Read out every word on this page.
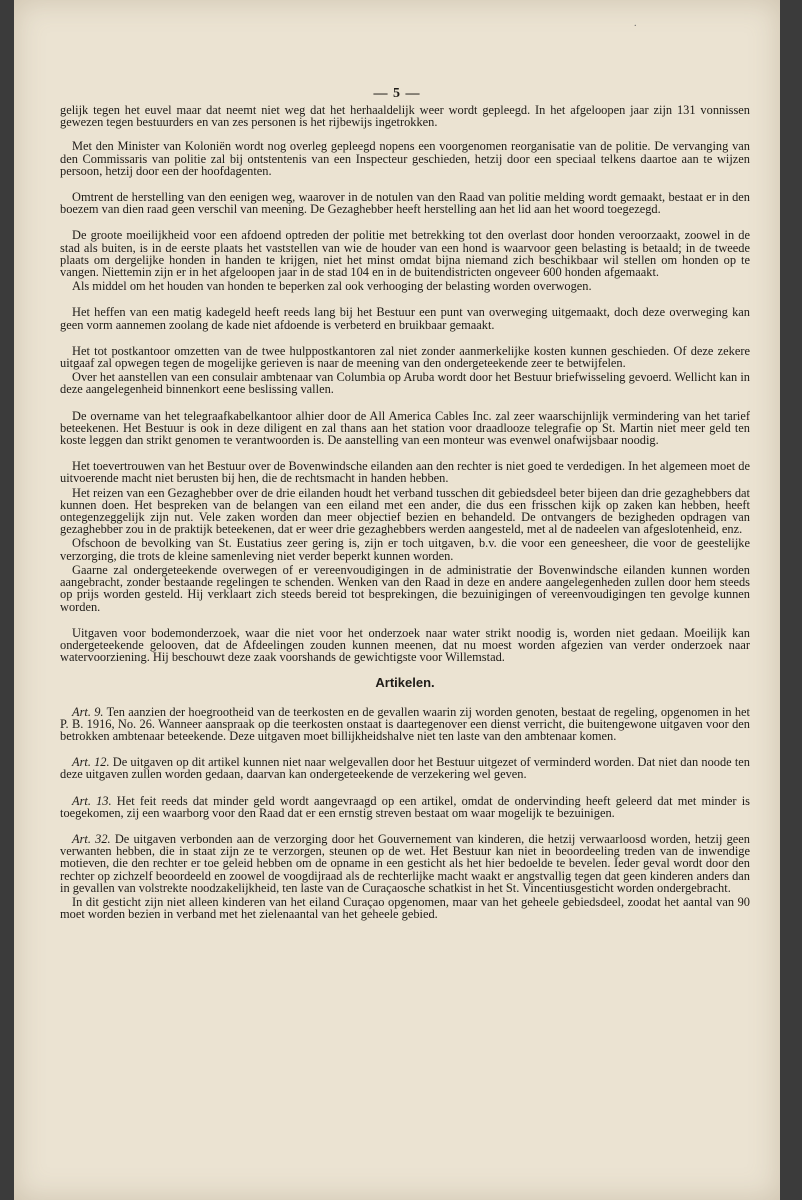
.
— 5 —

gelijk tegen het euvel maar dat neemt niet weg dat het herhaaldelijk weer wordt gepleegd. In het afgeloopen jaar zijn 131 vonnissen gewezen tegen bestuurders en van zes personen is het rijbewijs ingetrokken.

Met den Minister van Koloniën wordt nog overleg gepleegd nopens een voorgenomen reorganisatie van de politie. De vervanging van den Commissaris van politie zal bij ontstentenis van een Inspecteur geschieden, hetzij door een speciaal telkens daartoe aan te wijzen persoon, hetzij door een der hoofdagenten.

Omtrent de herstelling van den eenigen weg, waarover in de notulen van den Raad van politie melding wordt gemaakt, bestaat er in den boezem van dien raad geen verschil van meening. De Gezaghebber heeft herstelling aan het lid aan het woord toegezegd.

De groote moeilijkheid voor een afdoend optreden der politie met betrekking tot den overlast door honden veroorzaakt, zoowel in de stad als buiten, is in de eerste plaats het vaststellen van wie de houder van een hond is waarvoor geen belasting is betaald; in de tweede plaats om dergelijke honden in handen te krijgen, niet het minst omdat bijna niemand zich beschikbaar wil stellen om honden op te vangen. Niettemin zijn er in het afgeloopen jaar in de stad 104 en in de buitendistricten ongeveer 600 honden afgemaakt.

Als middel om het houden van honden te beperken zal ook verhooging der belasting worden overwogen.

Het heffen van een matig kadegeld heeft reeds lang bij het Bestuur een punt van overweging uitgemaakt, doch deze overweging kan geen vorm aannemen zoolang de kade niet afdoende is verbeterd en bruikbaar gemaakt.

Het tot postkantoor omzetten van de twee hulppostkantoren zal niet zonder aanmerkelijke kosten kunnen geschieden. Of deze zekere uitgaaf zal opwegen tegen de mogelijke gerieven is naar de meening van den ondergeteekende zeer te betwijfelen.

Over het aanstellen van een consulair ambtenaar van Columbia op Aruba wordt door het Bestuur briefwisseling gevoerd. Wellicht kan in deze aangelegenheid binnenkort eene beslissing vallen.

De overname van het telegraafkabelkantoor alhier door de All America Cables Inc. zal zeer waarschijnlijk vermindering van het tarief beteekenen. Het Bestuur is ook in deze diligent en zal thans aan het station voor draadlooze telegrafie op St. Martin niet meer geld ten koste leggen dan strikt genomen te verantwoorden is. De aanstelling van een monteur was evenwel onafwijsbaar noodig.

Het toevertrouwen van het Bestuur over de Bovenwindsche eilanden aan den rechter is niet goed te verdedigen. In het algemeen moet de uitvoerende macht niet berusten bij hen, die de rechtsmacht in handen hebben.

Het reizen van een Gezaghebber over de drie eilanden houdt het verband tusschen dit gebiedsdeel beter bijeen dan drie gezaghebbers dat kunnen doen. Het bespreken van de belangen van een eiland met een ander, die dus een frisschen kijk op zaken kan hebben, heeft ontegenzeggelijk zijn nut. Vele zaken worden dan meer objectief bezien en behandeld. De ontvangers de bezigheden opdragen van gezaghebber zou in de praktijk beteekenen, dat er weer drie gezaghebbers werden aangesteld, met al de nadeelen van afgeslotenheid, enz.

Ofschoon de bevolking van St. Eustatius zeer gering is, zijn er toch uitgaven, b.v. die voor een geneesheer, die voor de geestelijke verzorging, die trots de kleine samenleving niet verder beperkt kunnen worden.

Gaarne zal ondergeteekende overwegen of er vereenvoudigingen in de administratie der Bovenwindsche eilanden kunnen worden aangebracht, zonder bestaande regelingen te schenden. Wenken van den Raad in deze en andere aangelegenheden zullen door hem steeds op prijs worden gesteld. Hij verklaart zich steeds bereid tot besprekingen, die bezuinigingen of vereenvoudigingen ten gevolge kunnen worden.

Uitgaven voor bodemonderzoek, waar die niet voor het onderzoek naar water strikt noodig is, worden niet gedaan. Moeilijk kan ondergeteekende gelooven, dat de Afdeelingen zouden kunnen meenen, dat nu moest worden afgezien van verder onderzoek naar watervoorziening. Hij beschouwt deze zaak voorshands de gewichtigste voor Willemstad.

Artikelen.

Art. 9. Ten aanzien der hoegrootheid van de teerkosten en de gevallen waarin zij worden genoten, bestaat de regeling, opgenomen in het P. B. 1916, No. 26. Wanneer aanspraak op die teerkosten onstaat is daartegenover een dienst verricht, die buitengewone uitgaven voor den betrokken ambtenaar beteekende. Deze uitgaven moet billijkheidshalve niet ten laste van den ambtenaar komen.

Art. 12. De uitgaven op dit artikel kunnen niet naar welgevallen door het Bestuur uitgezet of verminderd worden. Dat niet dan noode ten deze uitgaven zullen worden gedaan, daarvan kan ondergeteekende de verzekering wel geven.

Art. 13. Het feit reeds dat minder geld wordt aangevraagd op een artikel, omdat de ondervinding heeft geleerd dat met minder is toegekomen, zij een waarborg voor den Raad dat er een ernstig streven bestaat om waar mogelijk te bezuinigen.

Art. 32. De uitgaven verbonden aan de verzorging door het Gouvernement van kinderen, die hetzij verwaarloosd worden, hetzij geen verwanten hebben, die in staat zijn ze te verzorgen, steunen op de wet. Het Bestuur kan niet in beoordeeling treden van de inwendige motieven, die den rechter er toe geleid hebben om de opname in een gesticht als het hier bedoelde te bevelen. Ieder geval wordt door den rechter op zichzelf beoordeeld en zoowel de voogdijraad als de rechterlijke macht waakt er angstvallig tegen dat geen kinderen anders dan in gevallen van volstrekte noodzakelijkheid, ten laste van de Curaçaosche schatkist in het St. Vincentiusgesticht worden ondergebracht.

In dit gesticht zijn niet alleen kinderen van het eiland Curaçao opgenomen, maar van het geheele gebiedsdeel, zoodat het aantal van 90 moet worden bezien in verband met het zielenaantal van het geheele gebied.
